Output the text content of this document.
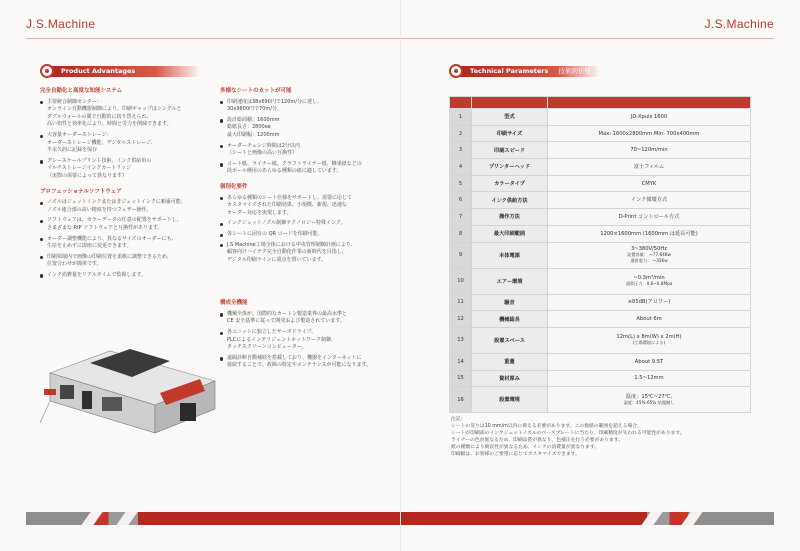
J.S.Machine
Product Advantages
完全自動化と高度な知能システム
主要統合制御センター：
オンライン自動機器制御により、印刷ギャップはシングルと
ダブルウォールの間で自動的に切り替えられ、
高い知性と効率化により、時間と労力を削減できます。
大容量オーダーストレージ：
オーダーストレージ機能、デジタルストレージ、
半永久的に記録を保存
グレースケールプリント技術、インク供給用の
マルチストレージインクカートリッジ
（実際の需要によって異なります）
プロフェッショナルソフトウェア
ノズルはジェットインクまたは非ジェットインクに順番可能、
ノズル連合部の高い精度を持つフェザー操作。
ソフトウェアは、カラーデータの任意の配置をサポートし、
さまざまな RIP ソフトウェアと互換性があります。
オーダー調整機能により、異なるサイズのオーダーにも、
生産を止めずに即座に変更できます。
印刷領域内で画像の印刷位置を柔軟に調整できるため、
位置合わせが簡単です。
インク消費量をリアルタイムで監視します。
多様なシートのカットが可能
印刷速度は38x690円で120m/分に達し、
30x9800円で70m/分。
設計総面積：1600mm
総紙長さ：2800ee
最大印刷幅：1200mm
オーダーチェンジ時間は2分以内
（シートと画像の高い互換性）
コート紙、ライナー紙、クラフトライナー紙、蜂巣紙などの
段ボール種用のあらゆる種類の紙に適しています。
個別化要件
あらゆる種類のシート仕様をサポートし、需要に応じて
カスタマイズされた印刷効果、小規模、新規、迅速な
オーダー対応を実現します。
インクジェットノズル制御テクノロジー特殊インク。
各シートに固有の QR コードを印刷可能。
J.S Machine工場全体における中央管理制御計画により、
顧客向けハイテク完全自動化作業の新時代を目指し、
デジタル印刷ラインに重点を置いています。
構成全機能
機械全体が、国際的なカートン製造業界の最高水準と
CE 安全基準に従って開発および製造されています。
各ユニットに独立したサーボドライブ、
PLCによるインテリジェントネットワーク制御、
タッチスクリーンコンピューター。
遠隔診断自動補助を搭載しており、機器をインターネットに
接続することで、故障の特定やメンテナンスが可能になります。
J.S.Machine
Technical Parameters 技術的仕様

1	型式	JD-Xpuls 1600

2	印刷サイズ	Max: 1600x2800mm Min: 700x400mm

3	印刷スピード	70~120m/min

4	プリンターヘッド	富士フィルム

5	カラータイプ	CMYK

6	インク供給方法	インク循環方式

7	操作方法	D-Print コントロール方式

8	最大印刷範囲	1200×1600mm (1600mm は延長可能)

9	本体電源	3~380V/50Hz
設置容量： ~77.64Kw
通常電力： ~35Kw

10	エアー環境	~0.3m³/min
通常圧力：0.6~0.8Mpa

11	騒音	≤85dB(アロワー)

12	機械総長	About 6m

13	設置スペース	12m(L) x 8m(W) x 2m(H)
(工場環境による)

14	重量	About 9.5T

15	資材厚み	1.5~12mm

16	設置環境	温度：15℃~27℃,
湿度：45%-65% 結露無し
注記：
シートの反りは10 mm/m以内に抑える必要があります。この数値の範囲を超える場合、
シートが印刷部のインクジェットノズルのベースプレートに当たり、印刷精度が失われる可能性があります。
ライナーの色が異なるため、印刷品質が異なり、色補正を行う必要があります。
紙の種類により吸収性が異なるため、インクの消費量が異なります。
印刷幅は、お客様のご要望に応じてカスタマイズできます。
